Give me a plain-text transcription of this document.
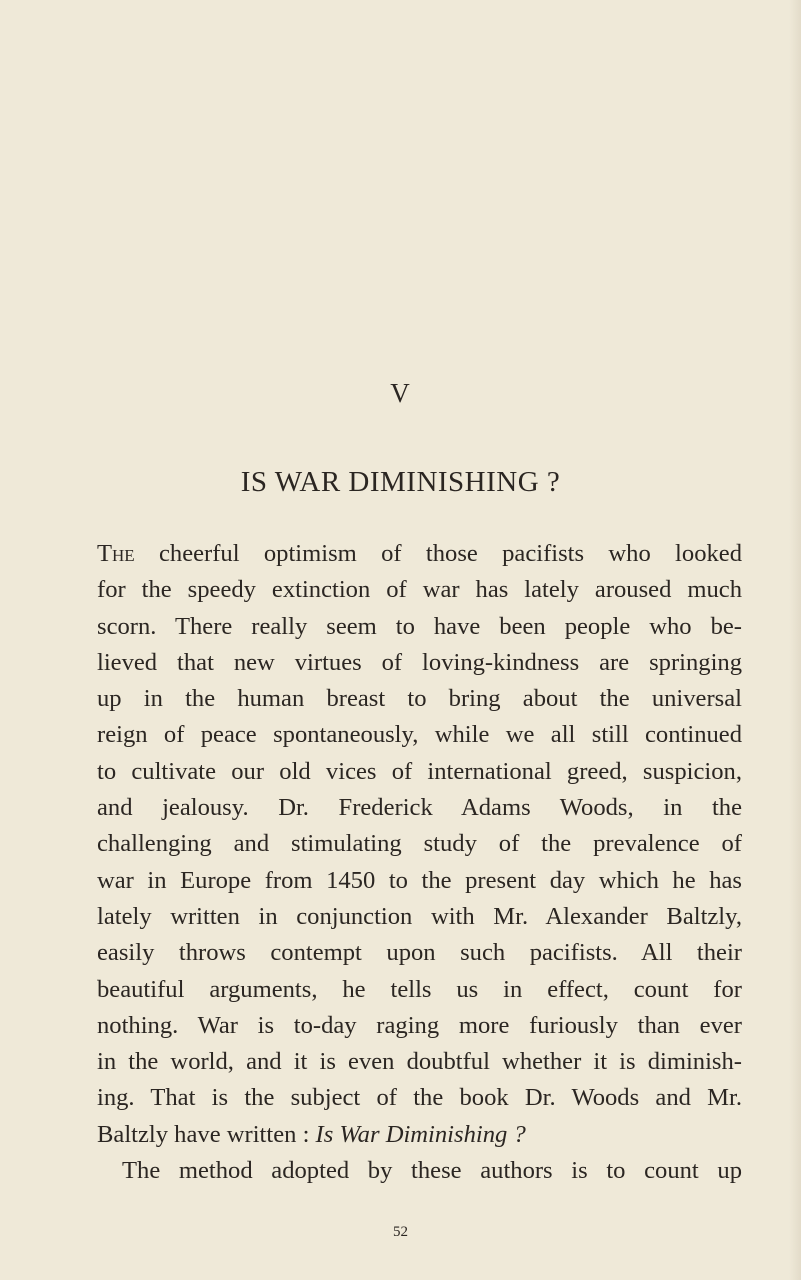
V
IS WAR DIMINISHING ?
The cheerful optimism of those pacifists who looked
for the speedy extinction of war has lately aroused much
scorn. There really seem to have been people who be-
lieved that new virtues of loving-kindness are springing
up in the human breast to bring about the universal
reign of peace spontaneously, while we all still continued
to cultivate our old vices of international greed, suspicion,
and jealousy. Dr. Frederick Adams Woods, in the
challenging and stimulating study of the prevalence of
war in Europe from 1450 to the present day which he has
lately written in conjunction with Mr. Alexander Baltzly,
easily throws contempt upon such pacifists. All their
beautiful arguments, he tells us in effect, count for
nothing. War is to-day raging more furiously than ever
in the world, and it is even doubtful whether it is diminish-
ing. That is the subject of the book Dr. Woods and Mr.
Baltzly have written : Is War Diminishing ?
The method adopted by these authors is to count up
52
